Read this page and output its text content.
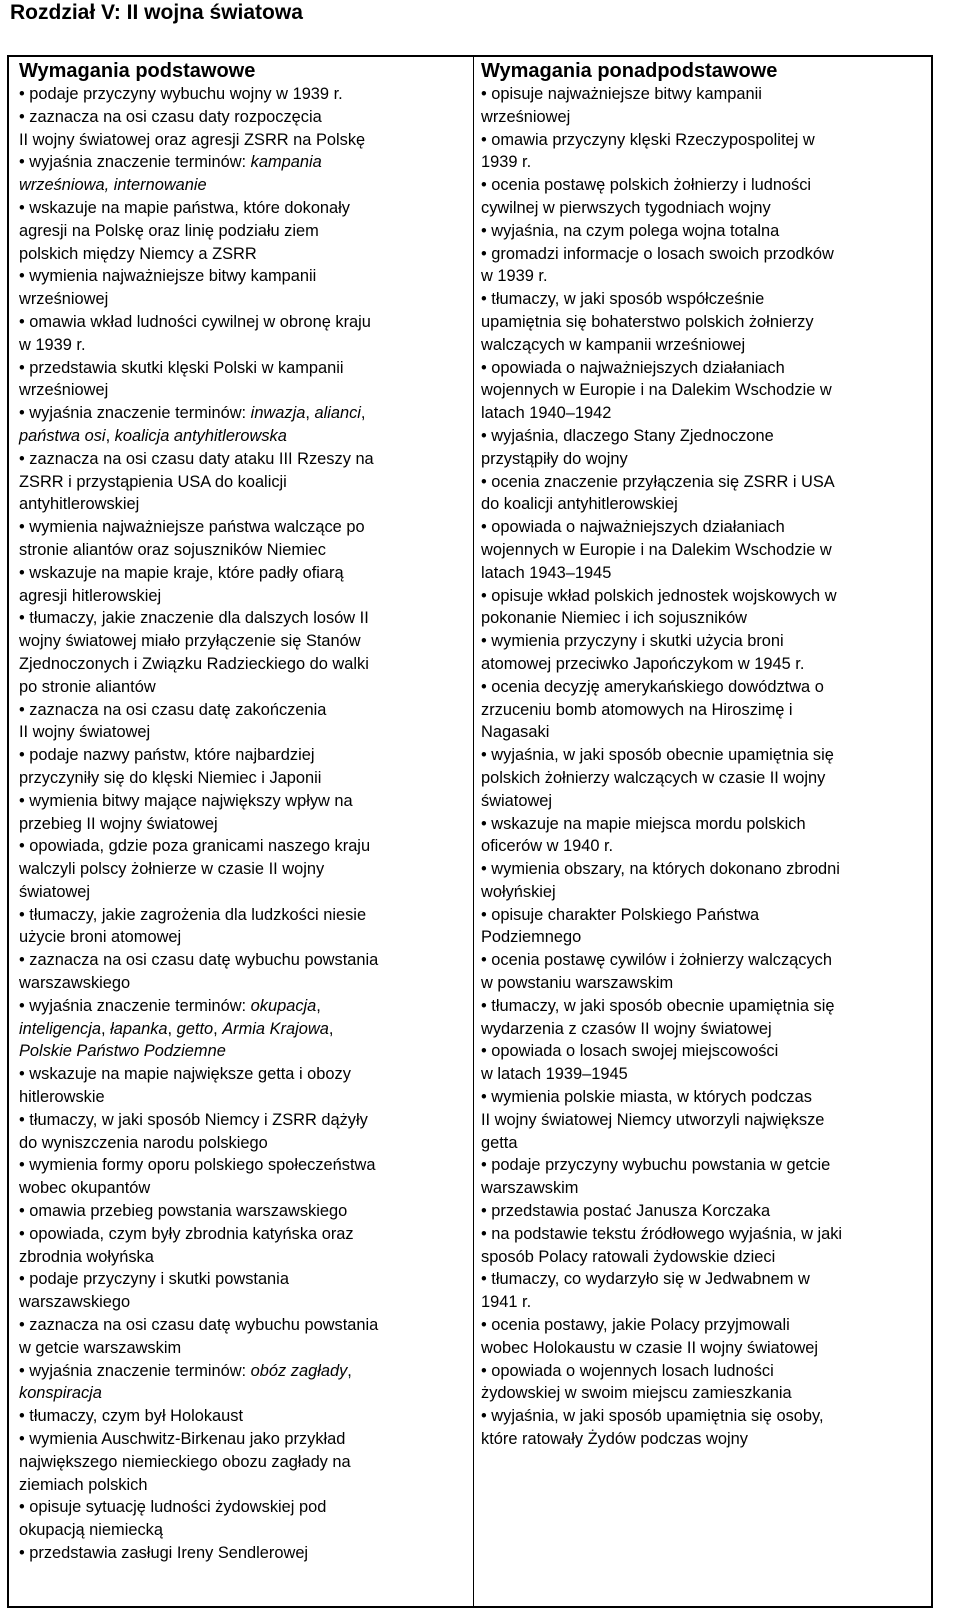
Rozdział V: II wojna światowa
Wymagania podstawowe
• podaje przyczyny wybuchu wojny w 1939 r.
• zaznacza na osi czasu daty rozpoczęcia
II wojny światowej oraz agresji ZSRR na Polskę
• wyjaśnia znaczenie terminów: kampania
wrześniowa, internowanie
• wskazuje na mapie państwa, które dokonały
agresji na Polskę oraz linię podziału ziem
polskich między Niemcy a ZSRR
• wymienia najważniejsze bitwy kampanii
wrześniowej
• omawia wkład ludności cywilnej w obronę kraju
w 1939 r.
• przedstawia skutki klęski Polski w kampanii
wrześniowej
• wyjaśnia znaczenie terminów: inwazja, alianci,
państwa osi, koalicja antyhitlerowska
• zaznacza na osi czasu daty ataku III Rzeszy na
ZSRR i przystąpienia USA do koalicji
antyhitlerowskiej
• wymienia najważniejsze państwa walczące po
stronie aliantów oraz sojuszników Niemiec
• wskazuje na mapie kraje, które padły ofiarą
agresji hitlerowskiej
• tłumaczy, jakie znaczenie dla dalszych losów II
wojny światowej miało przyłączenie się Stanów
Zjednoczonych i Związku Radzieckiego do walki
po stronie aliantów
• zaznacza na osi czasu datę zakończenia
II wojny światowej
• podaje nazwy państw, które najbardziej
przyczyniły się do klęski Niemiec i Japonii
• wymienia bitwy mające największy wpływ na
przebieg II wojny światowej
• opowiada, gdzie poza granicami naszego kraju
walczyli polscy żołnierze w czasie II wojny
światowej
• tłumaczy, jakie zagrożenia dla ludzkości niesie
użycie broni atomowej
• zaznacza na osi czasu datę wybuchu powstania
warszawskiego
• wyjaśnia znaczenie terminów: okupacja,
inteligencja, łapanka, getto, Armia Krajowa,
Polskie Państwo Podziemne
• wskazuje na mapie największe getta i obozy
hitlerowskie
• tłumaczy, w jaki sposób Niemcy i ZSRR dążyły
do wyniszczenia narodu polskiego
• wymienia formy oporu polskiego społeczeństwa
wobec okupantów
• omawia przebieg powstania warszawskiego
• opowiada, czym były zbrodnia katyńska oraz
zbrodnia wołyńska
• podaje przyczyny i skutki powstania
warszawskiego
• zaznacza na osi czasu datę wybuchu powstania
w getcie warszawskim
• wyjaśnia znaczenie terminów: obóz zagłady,
konspiracja
• tłumaczy, czym był Holokaust
• wymienia Auschwitz-Birkenau jako przykład
największego niemieckiego obozu zagłady na
ziemiach polskich
• opisuje sytuację ludności żydowskiej pod
okupacją niemiecką
• przedstawia zasługi Ireny Sendlerowej
Wymagania ponadpodstawowe
• opisuje najważniejsze bitwy kampanii
wrześniowej
• omawia przyczyny klęski Rzeczypospolitej w
1939 r.
• ocenia postawę polskich żołnierzy i ludności
cywilnej w pierwszych tygodniach wojny
• wyjaśnia, na czym polega wojna totalna
• gromadzi informacje o losach swoich przodków
w 1939 r.
• tłumaczy, w jaki sposób współcześnie
upamiętnia się bohaterstwo polskich żołnierzy
walczących w kampanii wrześniowej
• opowiada o najważniejszych działaniach
wojennych w Europie i na Dalekim Wschodzie w
latach 1940–1942
• wyjaśnia, dlaczego Stany Zjednoczone
przystąpiły do wojny
• ocenia znaczenie przyłączenia się ZSRR i USA
do koalicji antyhitlerowskiej
• opowiada o najważniejszych działaniach
wojennych w Europie i na Dalekim Wschodzie w
latach 1943–1945
• opisuje wkład polskich jednostek wojskowych w
pokonanie Niemiec i ich sojuszników
• wymienia przyczyny i skutki użycia broni
atomowej przeciwko Japończykom w 1945 r.
• ocenia decyzję amerykańskiego dowództwa o
zrzuceniu bomb atomowych na Hiroszimę i
Nagasaki
• wyjaśnia, w jaki sposób obecnie upamiętnia się
polskich żołnierzy walczących w czasie II wojny
światowej
• wskazuje na mapie miejsca mordu polskich
oficerów w 1940 r.
• wymienia obszary, na których dokonano zbrodni
wołyńskiej
• opisuje charakter Polskiego Państwa
Podziemnego
• ocenia postawę cywilów i żołnierzy walczących
w powstaniu warszawskim
• tłumaczy, w jaki sposób obecnie upamiętnia się
wydarzenia z czasów II wojny światowej
• opowiada o losach swojej miejscowości
w latach 1939–1945
• wymienia polskie miasta, w których podczas
II wojny światowej Niemcy utworzyli największe
getta
• podaje przyczyny wybuchu powstania w getcie
warszawskim
• przedstawia postać Janusza Korczaka
• na podstawie tekstu źródłowego wyjaśnia, w jaki
sposób Polacy ratowali żydowskie dzieci
• tłumaczy, co wydarzyło się w Jedwabnem w
1941 r.
• ocenia postawy, jakie Polacy przyjmowali
wobec Holokaustu w czasie II wojny światowej
• opowiada o wojennych losach ludności
żydowskiej w swoim miejscu zamieszkania
• wyjaśnia, w jaki sposób upamiętnia się osoby,
które ratowały Żydów podczas wojny
